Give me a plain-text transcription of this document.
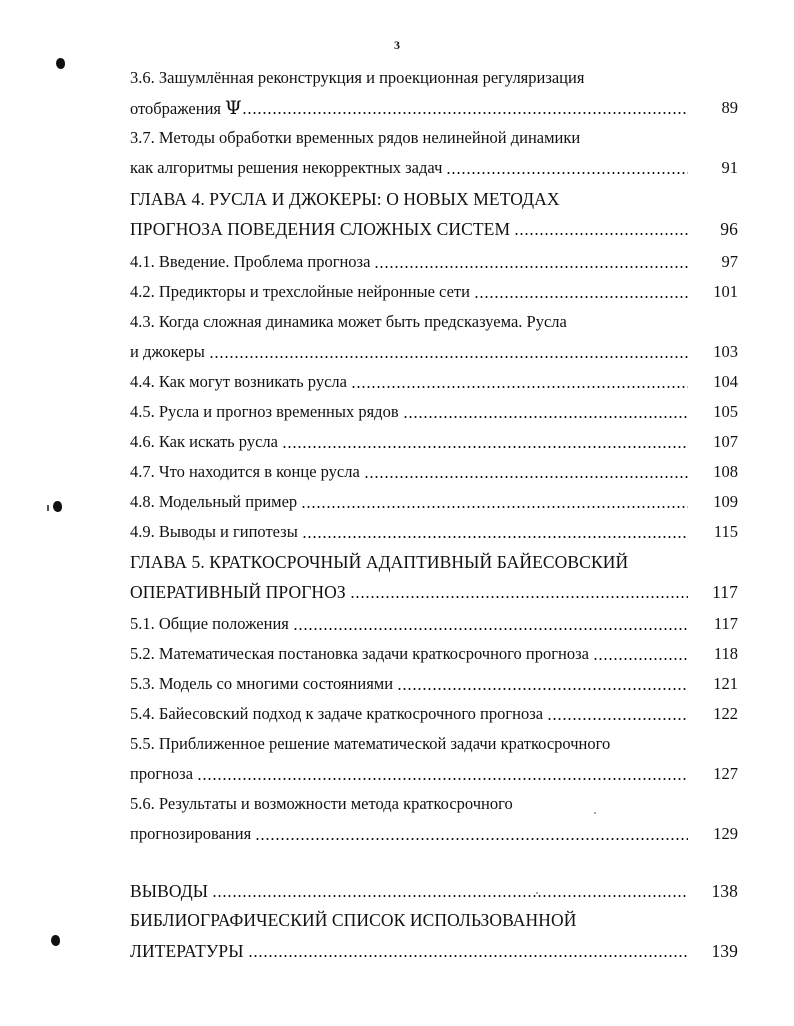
3
3.6. Зашумлённая реконструкция и проекционная регуляризация
отображения Ψ	89
3.7. Методы обработки временных рядов нелинейной динамики
как алгоритмы решения некорректных задач	91
ГЛАВА 4. РУСЛА И ДЖОКЕРЫ: О НОВЫХ МЕТОДАХ
ПРОГНОЗА ПОВЕДЕНИЯ СЛОЖНЫХ СИСТЕМ	96
4.1. Введение. Проблема прогноза	97
4.2. Предикторы и трехслойные нейронные сети	101
4.3. Когда сложная динамика может быть предсказуема. Русла
и джокеры	103
4.4. Как могут возникать русла	104
4.5. Русла и прогноз временных рядов	105
4.6. Как искать русла	107
4.7. Что находится в конце русла	108
4.8. Модельный пример	109
4.9. Выводы и гипотезы	115
ГЛАВА 5. КРАТКОСРОЧНЫЙ АДАПТИВНЫЙ БАЙЕСОВСКИЙ
ОПЕРАТИВНЫЙ ПРОГНОЗ	117
5.1. Общие положения	117
5.2. Математическая постановка задачи краткосрочного прогноза	118
5.3. Модель со многими состояниями	121
5.4. Байесовский подход к задаче краткосрочного прогноза	122
5.5. Приближенное решение математической задачи краткосрочного
прогноза	127
5.6. Результаты и возможности метода краткосрочного
прогнозирования	129
ВЫВОДЫ	138
БИБЛИОГРАФИЧЕСКИЙ СПИСОК ИСПОЛЬЗОВАННОЙ
ЛИТЕРАТУРЫ	139
